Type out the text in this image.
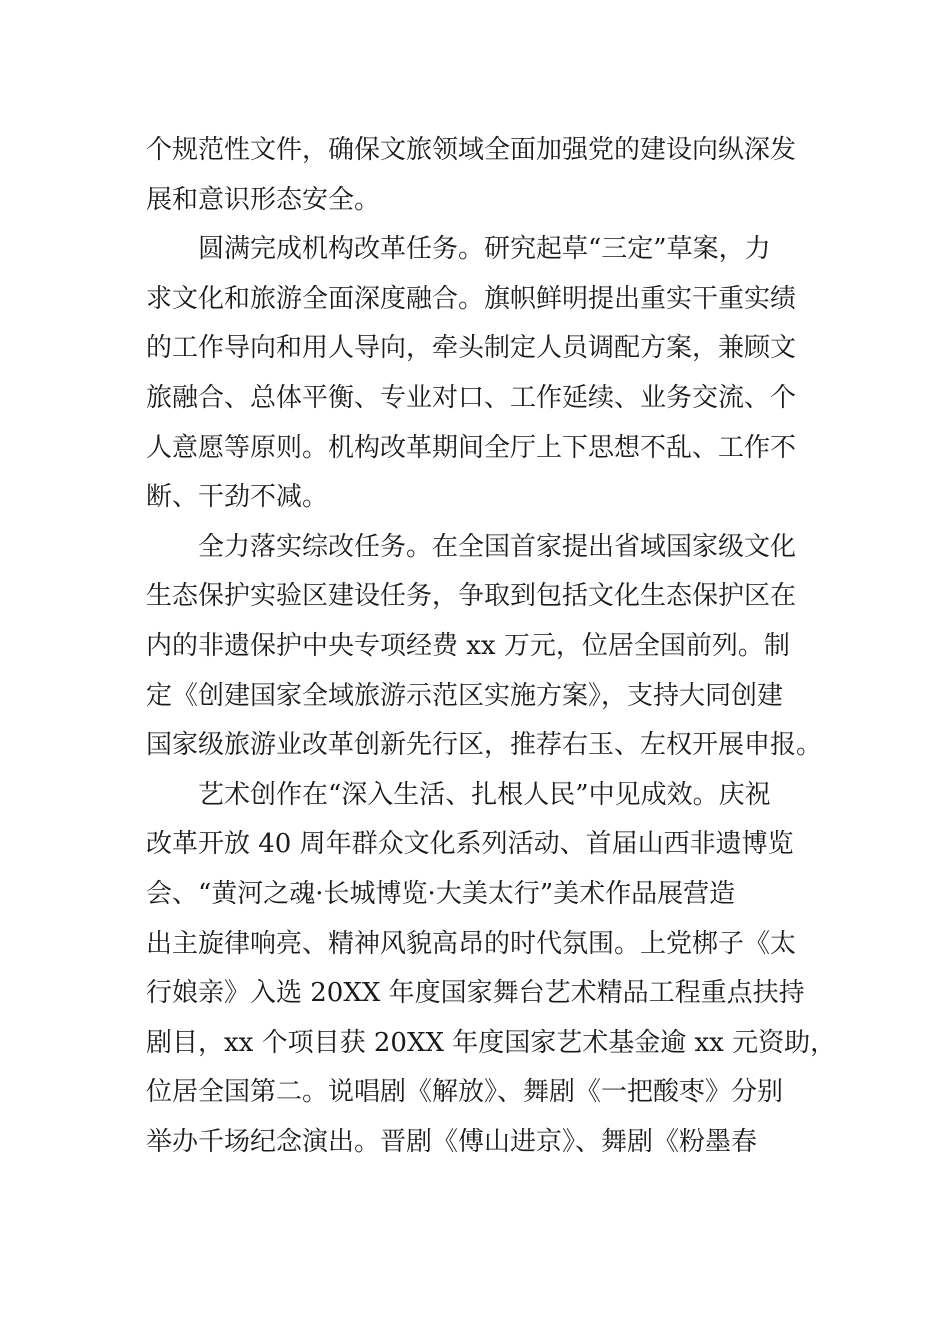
个规范性文件，确保文旅领域全面加强党的建设向纵深发
展和意识形态安全。
圆满完成机构改革任务。研究起草“三定”草案，力
求文化和旅游全面深度融合。旗帜鲜明提出重实干重实绩
的工作导向和用人导向，牵头制定人员调配方案，兼顾文
旅融合、总体平衡、专业对口、工作延续、业务交流、个
人意愿等原则。机构改革期间全厅上下思想不乱、工作不
断、干劲不减。
全力落实综改任务。在全国首家提出省域国家级文化
生态保护实验区建设任务，争取到包括文化生态保护区在
内的非遗保护中央专项经费 xx 万元，位居全国前列。制
定《创建国家全域旅游示范区实施方案》，支持大同创建
国家级旅游业改革创新先行区，推荐右玉、左权开展申报。
艺术创作在“深入生活、扎根人民”中见成效。庆祝
改革开放 40 周年群众文化系列活动、首届山西非遗博览
会、“黄河之魂·长城博览·大美太行”美术作品展营造
出主旋律响亮、精神风貌高昂的时代氛围。上党梆子《太
行娘亲》入选 20XX 年度国家舞台艺术精品工程重点扶持
剧目，xx 个项目获 20XX 年度国家艺术基金逾 xx 元资助，
位居全国第二。说唱剧《解放》、舞剧《一把酸枣》分别
举办千场纪念演出。晋剧《傅山进京》、舞剧《粉墨春
